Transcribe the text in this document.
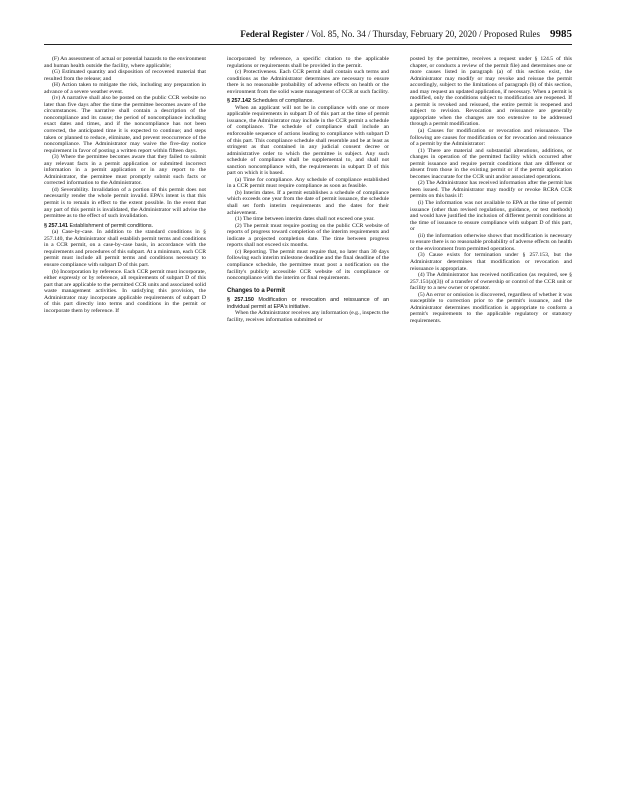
Federal Register
/ Vol. 85, No. 34 / Thursday, February 20, 2020 / Proposed Rules 9985

(F) An assessment of actual or potential hazards to the environment and human health outside the facility, where applicable;

(G) Estimated quantity and disposition of recovered material that resulted from the release; and

(H) Action taken to mitigate the risk, including any preparation in advance of a severe weather event.

(iv) A narrative shall also be posted on the public CCR website no later than five days after the time the permittee becomes aware of the circumstances. The narrative shall contain a description of the noncompliance and its cause; the period of noncompliance including exact dates and times, and if the noncompliance has not been corrected, the anticipated time it is expected to continue; and steps taken or planned to reduce, eliminate, and prevent reoccurrence of the noncompliance. The Administrator may waive the five-day notice requirement in favor of posting a written report within fifteen days.

(3) Where the permittee becomes aware that they failed to submit any relevant facts in a permit application or submitted incorrect information in a permit application or in any report to the Administrator, the permittee must promptly submit such facts or corrected information to the Administrator.

(d) Severability. Invalidation of a portion of this permit does not necessarily render the whole permit invalid. EPA's intent is that this permit is to remain in effect to the extent possible. In the event that any part of this permit is invalidated, the Administrator will advise the permittee as to the effect of such invalidation.

§ 257.141 Establishment of permit conditions.

(a) Case-by-case. In addition to the standard conditions in § 257.140, the Administrator shall establish permit terms and conditions in a CCR permit, on a case-by-case basis, in accordance with the requirements and procedures of this subpart. At a minimum, each CCR permit must include all permit terms and conditions necessary to ensure compliance with subpart D of this part.

(b) Incorporation by reference. Each CCR permit must incorporate, either expressly or by reference, all requirements of subpart D of this part that are applicable to the permitted CCR units and associated solid waste management activities. In satisfying this provision, the Administrator may incorporate applicable requirements of subpart D of this part directly into terms and conditions in the permit or incorporate them by reference. If

incorporated by reference, a specific citation to the applicable regulations or requirements shall be provided in the permit.

(c) Protectiveness. Each CCR permit shall contain such terms and conditions as the Administrator determines are necessary to ensure there is no reasonable probability of adverse effects on health or the environment from the solid waste management of CCR at such facility.

§ 257.142 Schedules of compliance.

When an applicant will not be in compliance with one or more applicable requirements in subpart D of this part at the time of permit issuance, the Administrator may include in the CCR permit a schedule of compliance. The schedule of compliance shall include an enforceable sequence of actions leading to compliance with subpart D of this part. This compliance schedule shall resemble and be at least as stringent as that contained in any judicial consent decree or administrative order to which the permittee is subject. Any such schedule of compliance shall be supplemental to, and shall not sanction noncompliance with, the requirements in subpart D of this part on which it is based.

(a) Time for compliance. Any schedule of compliance established in a CCR permit must require compliance as soon as feasible.

(b) Interim dates. If a permit establishes a schedule of compliance which exceeds one year from the date of permit issuance, the schedule shall set forth interim requirements and the dates for their achievement.

(1) The time between interim dates shall not exceed one year.

(2) The permit must require posting on the public CCR website of reports of progress toward completion of the interim requirements and indicate a projected completion date. The time between progress reports shall not exceed six months.

(c) Reporting. The permit must require that, no later than 30 days following each interim milestone deadline and the final deadline of the compliance schedule, the permittee must post a notification on the facility's publicly accessible CCR website of its compliance or noncompliance with the interim or final requirements.

Changes to a Permit

§ 257.150 Modification or revocation and reissuance of an individual permit at EPA's initiative.

When the Administrator receives any information (e.g., inspects the facility, receives information submitted or

posted by the permittee, receives a request under § 124.5 of this chapter, or conducts a review of the permit file) and determines one or more causes listed in paragraph (a) of this section exist, the Administrator may modify or may revoke and reissue the permit accordingly, subject to the limitations of paragraph (b) of this section, and may request an updated application, if necessary. When a permit is modified, only the conditions subject to modification are reopened. If a permit is revoked and reissued, the entire permit is reopened and subject to revision. Revocation and reissuance are generally appropriate when the changes are too extensive to be addressed through a permit modification.

(a) Causes for modification or revocation and reissuance. The following are causes for modification or for revocation and reissuance of a permit by the Administrator:

(1) There are material and substantial alterations, additions, or changes in operation of the permitted facility which occurred after permit issuance and require permit conditions that are different or absent from those in the existing permit or if the permit application becomes inaccurate for the CCR unit and/or associated operations.

(2) The Administrator has received information after the permit has been issued. The Administrator may modify or revoke RCRA CCR permits on this basis if:

(i) The information was not available to EPA at the time of permit issuance (other than revised regulations, guidance, or test methods) and would have justified the inclusion of different permit conditions at the time of issuance to ensure compliance with subpart D of this part, or

(ii) the information otherwise shows that modification is necessary to ensure there is no reasonable probability of adverse effects on health or the environment from permitted operations.

(3) Cause exists for termination under § 257.153, but the Administrator determines that modification or revocation and reissuance is appropriate.

(4) The Administrator has received notification (as required, see § 257.151(a)(3)) of a transfer of ownership or control of the CCR unit or facility to a new owner or operator.

(5) An error or omission is discovered, regardless of whether it was susceptible to correction prior to the permit's issuance, and the Administrator determines modification is appropriate to conform a permit's requirements to the applicable regulatory or statutory requirements.
